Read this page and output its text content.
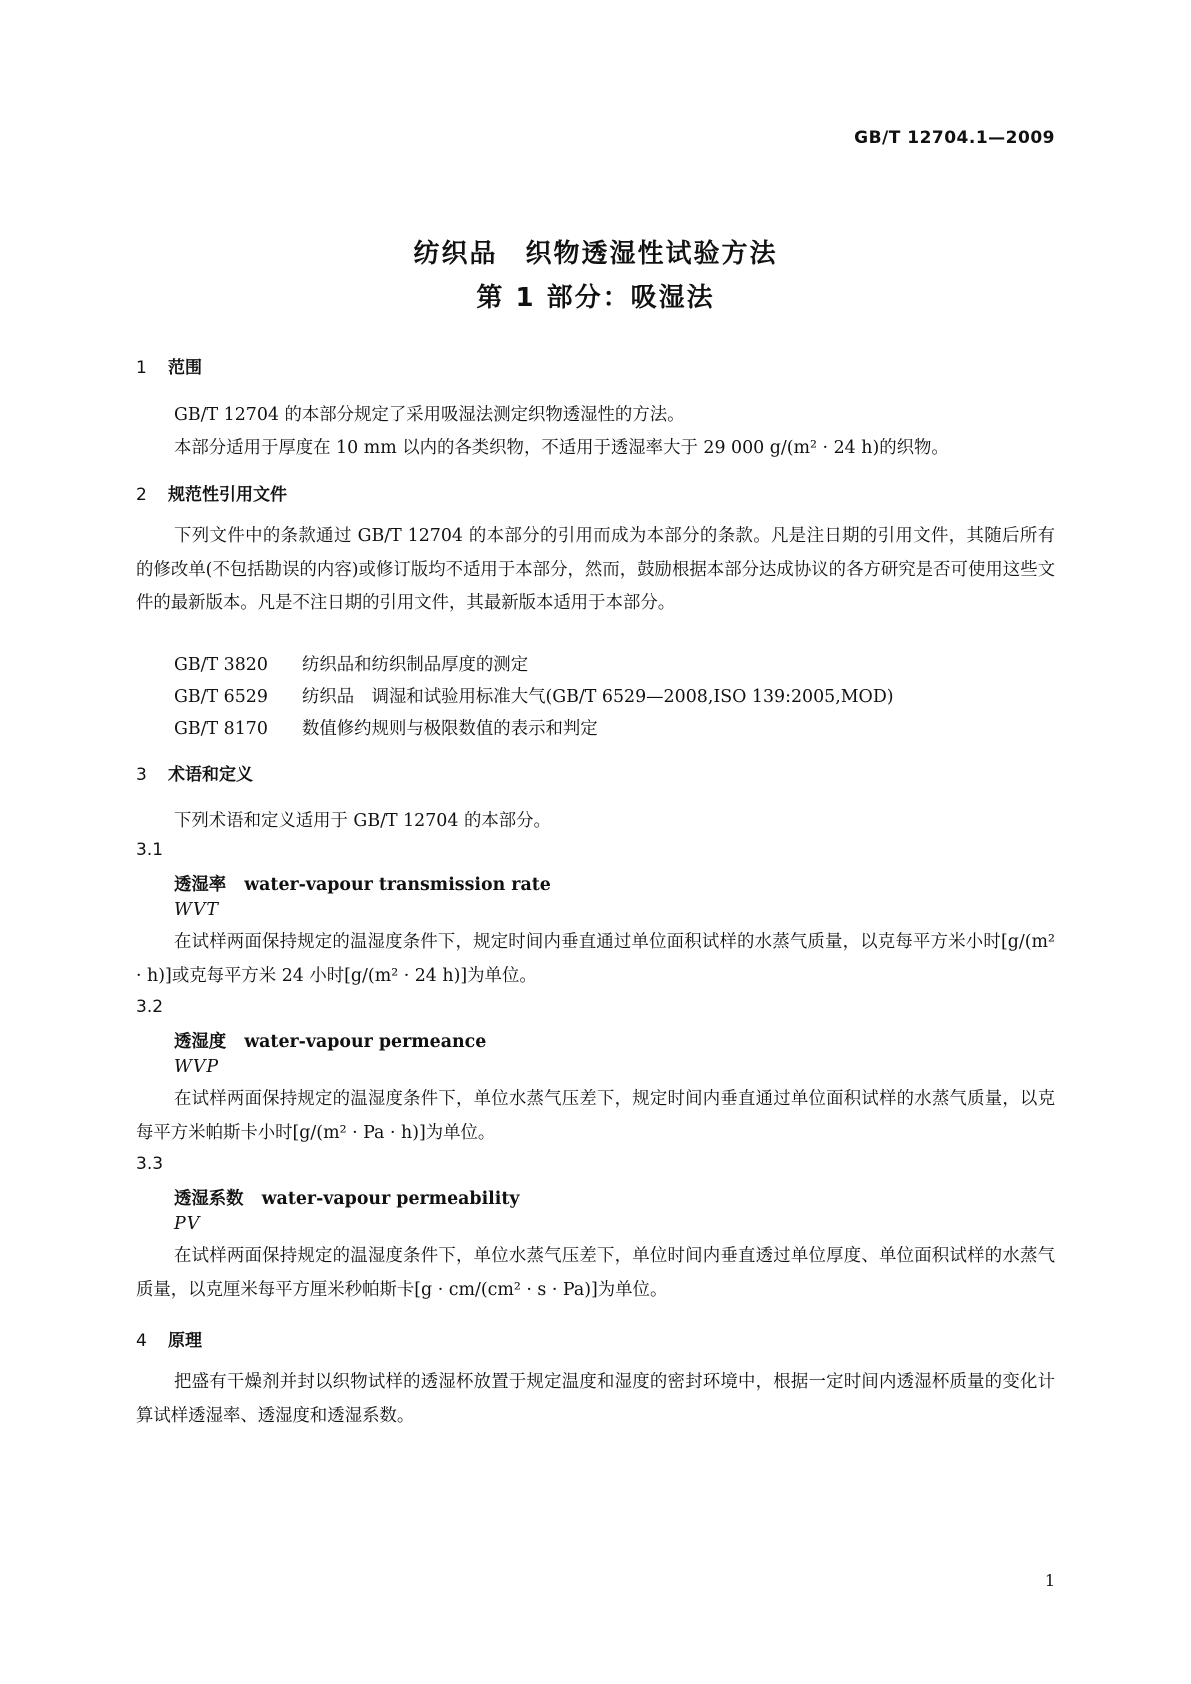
GB/T 12704.1—2009
纺织品　织物透湿性试验方法
第 1 部分：吸湿法
1 范围
GB/T 12704 的本部分规定了采用吸湿法测定织物透湿性的方法。
本部分适用于厚度在 10 mm 以内的各类织物，不适用于透湿率大于 29 000 g/(m² · 24 h)的织物。
2 规范性引用文件
下列文件中的条款通过 GB/T 12704 的本部分的引用而成为本部分的条款。凡是注日期的引用文件，其随后所有的修改单(不包括勘误的内容)或修订版均不适用于本部分，然而，鼓励根据本部分达成协议的各方研究是否可使用这些文件的最新版本。凡是不注日期的引用文件，其最新版本适用于本部分。
GB/T 3820 纺织品和纺织制品厚度的测定
GB/T 6529 纺织品　调湿和试验用标准大气(GB/T 6529—2008,ISO 139:2005,MOD)
GB/T 8170 数值修约规则与极限数值的表示和判定
3 术语和定义
下列术语和定义适用于 GB/T 12704 的本部分。
3.1
透湿率 water-vapour transmission rate
WVT
在试样两面保持规定的温湿度条件下，规定时间内垂直通过单位面积试样的水蒸气质量，以克每平方米小时[g/(m² · h)]或克每平方米 24 小时[g/(m² · 24 h)]为单位。
3.2
透湿度 water-vapour permeance
WVP
在试样两面保持规定的温湿度条件下，单位水蒸气压差下，规定时间内垂直通过单位面积试样的水蒸气质量，以克每平方米帕斯卡小时[g/(m² · Pa · h)]为单位。
3.3
透湿系数 water-vapour permeability
PV
在试样两面保持规定的温湿度条件下，单位水蒸气压差下，单位时间内垂直透过单位厚度、单位面积试样的水蒸气质量，以克厘米每平方厘米秒帕斯卡[g · cm/(cm² · s · Pa)]为单位。
4 原理
把盛有干燥剂并封以织物试样的透湿杯放置于规定温度和湿度的密封环境中，根据一定时间内透湿杯质量的变化计算试样透湿率、透湿度和透湿系数。
1
